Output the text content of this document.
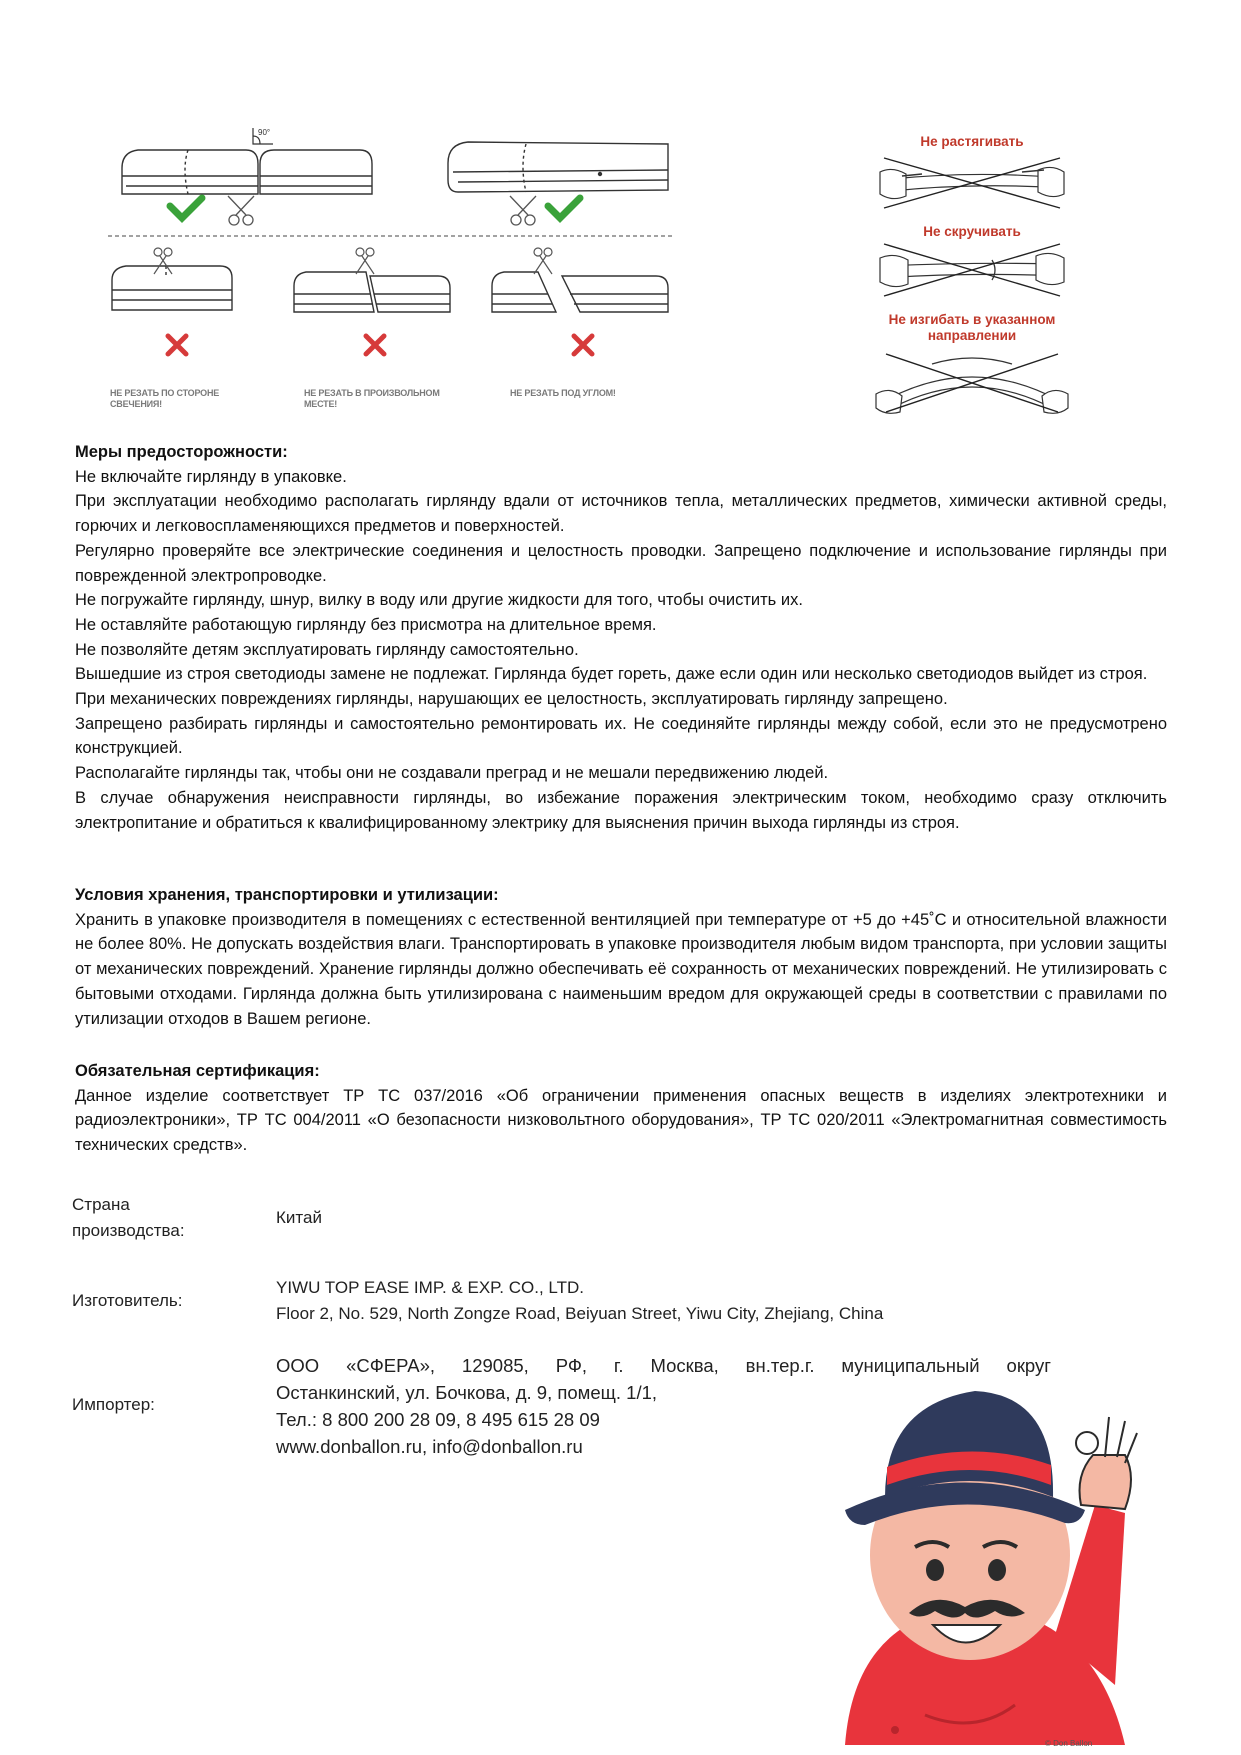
90°
НЕ РЕЗАТЬ ПО СТОРОНЕ СВЕЧЕНИЯ!
НЕ РЕЗАТЬ В ПРОИЗВОЛЬНОМ МЕСТЕ!
НЕ РЕЗАТЬ ПОД УГЛОМ!
Не растягивать
Не скручивать
Не изгибать в указанном направлении
Меры предосторожности:

Не включайте гирлянду в упаковке.

При эксплуатации необходимо располагать гирлянду вдали от источников тепла, металлических предметов, химически активной среды, горючих и легковоспламеняющихся предметов и поверхностей.

Регулярно проверяйте все электрические соединения и целостность проводки. Запрещено подключение и использование гирлянды при поврежденной электропроводке.

Не погружайте гирлянду, шнур, вилку в воду или другие жидкости для того, чтобы очистить их.

Не оставляйте работающую гирлянду без присмотра на длительное время.

Не позволяйте детям эксплуатировать гирлянду самостоятельно.

Вышедшие из строя светодиоды замене не подлежат. Гирлянда будет гореть, даже если один или несколько светодиодов выйдет из строя.

При механических повреждениях гирлянды, нарушающих ее целостность, эксплуатировать гирлянду запрещено.

Запрещено разбирать гирлянды и самостоятельно ремонтировать их. Не соединяйте гирлянды между собой, если это не предусмотрено конструкцией.

Располагайте гирлянды так, чтобы они не создавали преград и не мешали передвижению людей.

В случае обнаружения неисправности гирлянды, во избежание поражения электрическим током, необходимо сразу отключить электропитание и обратиться к квалифицированному электрику для выяснения причин выхода гирлянды из строя.

Условия хранения, транспортировки и утилизации:

Хранить в упаковке производителя в помещениях с естественной вентиляцией при температуре от +5 до +45˚С и относительной влажности не более 80%. Не допускать воздействия влаги. Транспортировать в упаковке производителя любым видом транспорта, при условии защиты от механических повреждений. Хранение гирлянды должно обеспечивать её сохранность от механических повреждений. Не утилизировать с бытовыми отходами. Гирлянда должна быть утилизирована с наименьшим вредом для окружающей среды в соответствии с правилами по утилизации отходов в Вашем регионе.

Обязательная сертификация:

Данное изделие соответствует ТР ТС 037/2016 «Об ограничении применения опасных веществ в изделиях электротехники и радиоэлектроники», ТР ТС 004/2011 «О безопасности низковольтного оборудования», ТР ТС 020/2011 «Электромагнитная совместимость технических средств».

Страна
производства:
Китай
Изготовитель:
YIWU TOP EASE IMP. & EXP. CO., LTD.
Floor 2, No. 529, North Zongze Road, Beiyuan Street, Yiwu City, Zhejiang, China
Импортер:
ООО «СФЕРА», 129085, РФ, г. Москва, вн.тер.г. муниципальный округ
Останкинский, ул. Бочкова, д. 9, помещ. 1/1,
Тел.: 8 800 200 28 09, 8 495 615 28 09
www.donballon.ru, info@donballon.ru
© Don Ballon
